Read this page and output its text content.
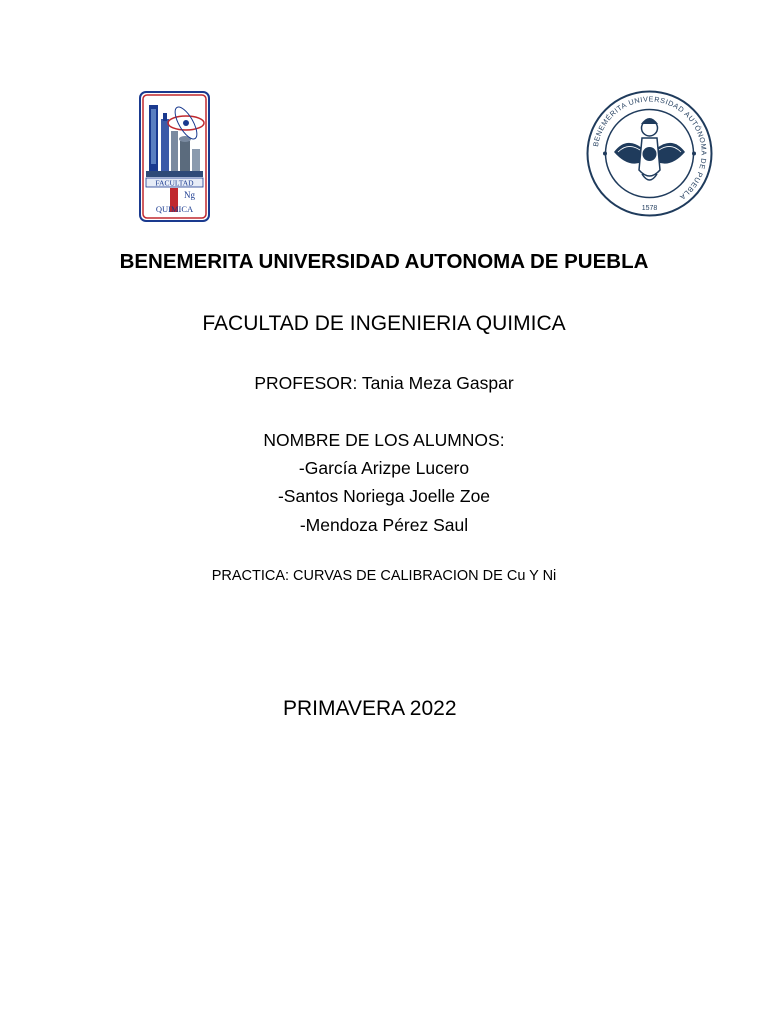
FACULTAD
Ng
QUIMICA
BENEMÉRITA UNIVERSIDAD AUTÓNOMA DE PUEBLA
1578
BENEMERITA UNIVERSIDAD AUTONOMA DE PUEBLA
FACULTAD DE INGENIERIA QUIMICA
PROFESOR: Tania Meza Gaspar
NOMBRE DE LOS ALUMNOS:
-García Arizpe Lucero
-Santos Noriega Joelle Zoe
-Mendoza Pérez Saul
PRACTICA: CURVAS DE CALIBRACION DE Cu Y Ni
PRIMAVERA 2022
